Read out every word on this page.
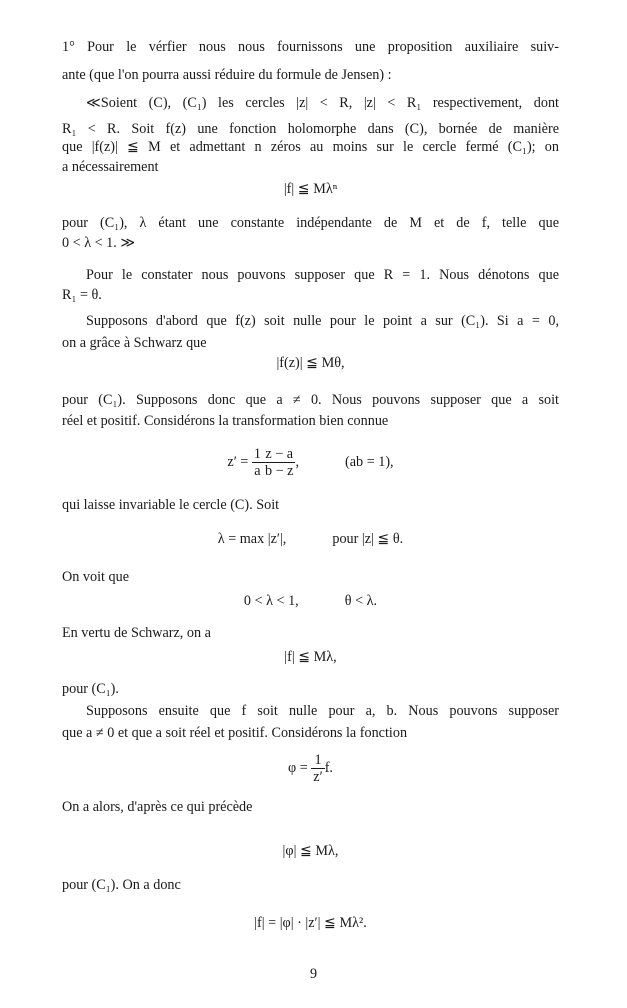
1° Pour le vérfier nous nous fournissons une proposition auxiliaire suiv-
ante (que l'on pourra aussi réduire du formule de Jensen) :
≪Soient (C), (C₁) les cercles |z| < R, |z| < R₁ respectivement, dont
R₁ < R. Soit f(z) une fonction holomorphe dans (C), bornée de manière
que |f(z)| ≦ M et admettant n zéros au moins sur le cercle fermé (C₁); on
a nécessairement
|f| ≦ Mλⁿ
pour (C₁), λ étant une constante indépendante de M et de f, telle que
0 < λ < 1. ≫
Pour le constater nous pouvons supposer que R = 1. Nous dénotons que
R₁ = θ.
Supposons d'abord que f(z) soit nulle pour le point a sur (C₁). Si a = 0,
on a grâce à Schwarz que
|f(z)| ≦ Mθ,
pour (C₁). Supposons donc que a ≠ 0. Nous pouvons supposer que a soit
réel et positif. Considérons la transformation bien connue
$z' = \frac{1}{a} \frac{z - a}{b - z}$ ,	(ab = 1),
qui laisse invariable le cercle (C). Soit
λ = max |z′|,	pour |z| ≦ θ.
On voit que
0 < λ < 1,	θ < λ.
En vertu de Schwarz, on a
|f| ≦ Mλ,
pour (C₁).
Supposons ensuite que f soit nulle pour a, b. Nous pouvons supposer
que a ≠ 0 et que a soit réel et positif. Considérons la fonction
$\varphi = \frac{1}{z'} f$.
On a alors, d'après ce qui précède
|φ| ≦ Mλ,
pour (C₁). On a donc
|f| = |φ| · |z′| ≦ Mλ².
9
